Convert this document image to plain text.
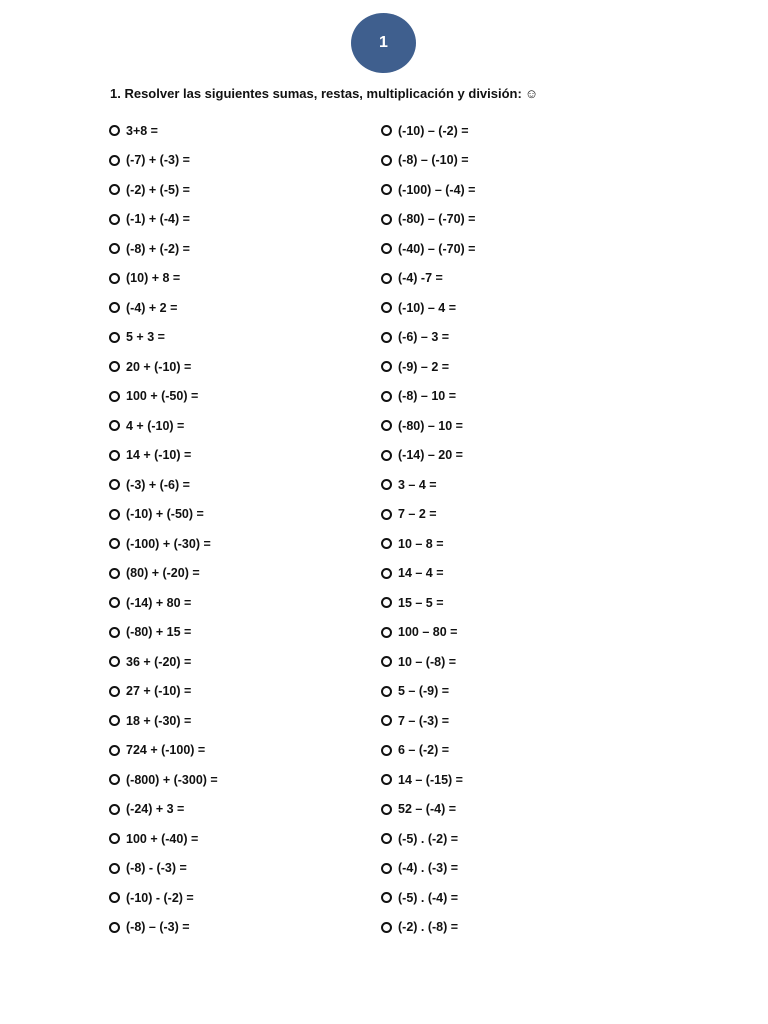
1
1. Resolver las siguientes sumas, restas, multiplicación y división: ☺
3+8 =
(-7) + (-3) =
(-2) + (-5) =
(-1) + (-4) =
(-8) + (-2) =
(10) + 8 =
(-4) + 2 =
5 + 3 =
20 + (-10) =
100 + (-50) =
4 + (-10) =
14 + (-10) =
(-3) + (-6) =
(-10) + (-50) =
(-100) + (-30) =
(80) + (-20) =
(-14) + 80 =
(-80) + 15 =
36 + (-20) =
27 + (-10) =
18 + (-30) =
724 + (-100) =
(-800) + (-300) =
(-24) + 3 =
100 + (-40) =
(-8) - (-3) =
(-10) - (-2) =
(-8) – (-3) =
(-10) – (-2) =
(-8) – (-10) =
(-100) – (-4) =
(-80) – (-70) =
(-40) – (-70) =
(-4) -7 =
(-10) – 4 =
(-6) – 3 =
(-9) – 2 =
(-8) – 10 =
(-80) – 10 =
(-14) – 20 =
3 – 4 =
7 – 2 =
10 – 8 =
14 – 4 =
15 – 5 =
100 – 80 =
10 – (-8) =
5 – (-9) =
7 – (-3) =
6 – (-2) =
14 – (-15) =
52 – (-4) =
(-5) . (-2) =
(-4) . (-3) =
(-5) . (-4) =
(-2) . (-8) =
